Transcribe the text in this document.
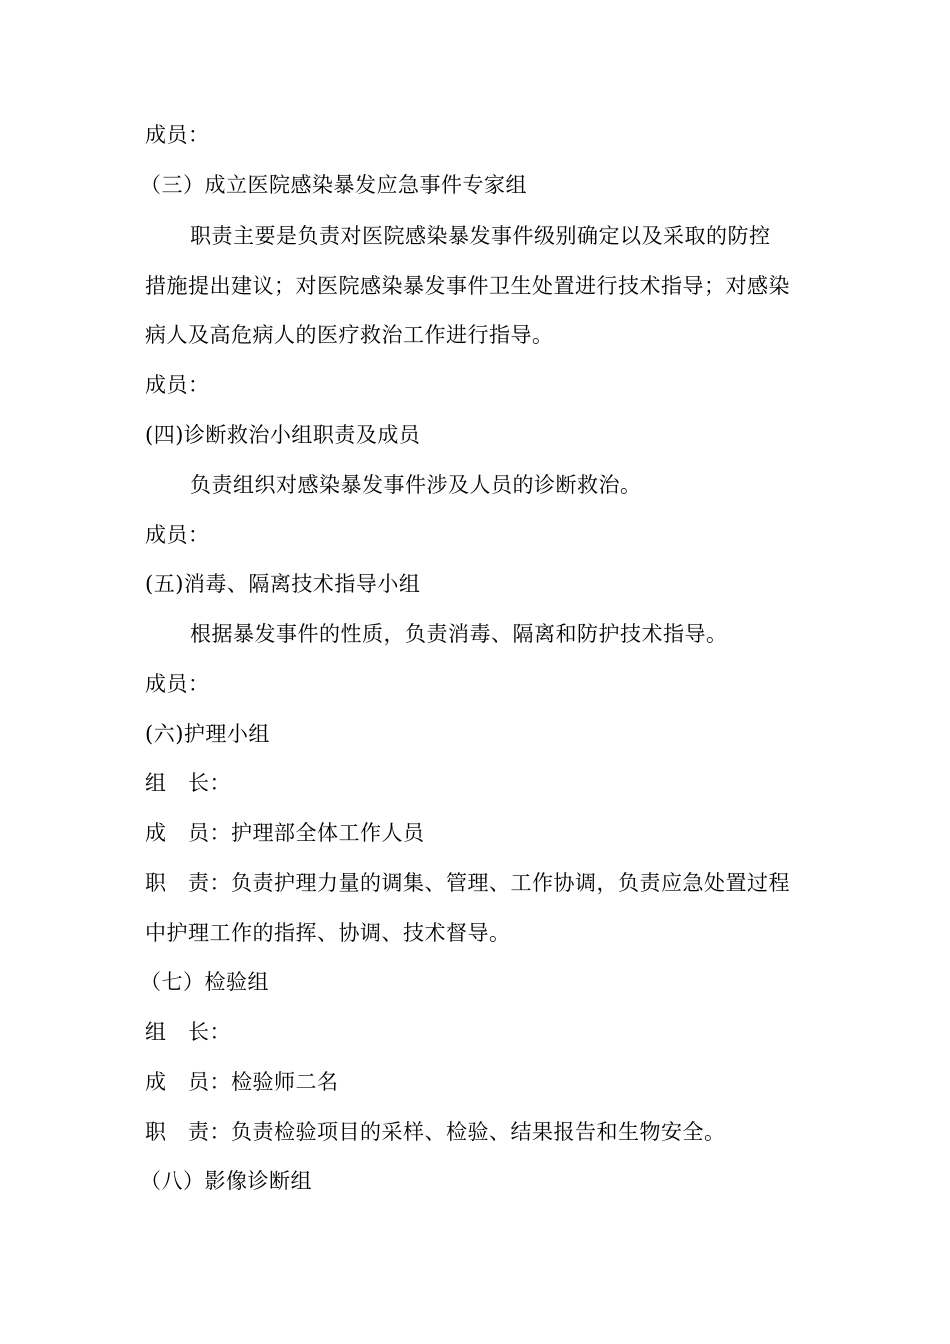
成员：
（三）成立医院感染暴发应急事件专家组
职责主要是负责对医院感染暴发事件级别确定以及采取的防控
措施提出建议；对医院感染暴发事件卫生处置进行技术指导；对感染
病人及高危病人的医疗救治工作进行指导。
成员：
(四)诊断救治小组职责及成员
负责组织对感染暴发事件涉及人员的诊断救治。
成员：
(五)消毒、隔离技术指导小组
根据暴发事件的性质，负责消毒、隔离和防护技术指导。
成员：
(六)护理小组
组　长：
成　员：护理部全体工作人员
职　责：负责护理力量的调集、管理、工作协调，负责应急处置过程
中护理工作的指挥、协调、技术督导。
（七）检验组
组　长：
成　员：检验师二名
职　责：负责检验项目的采样、检验、结果报告和生物安全。
（八）影像诊断组
